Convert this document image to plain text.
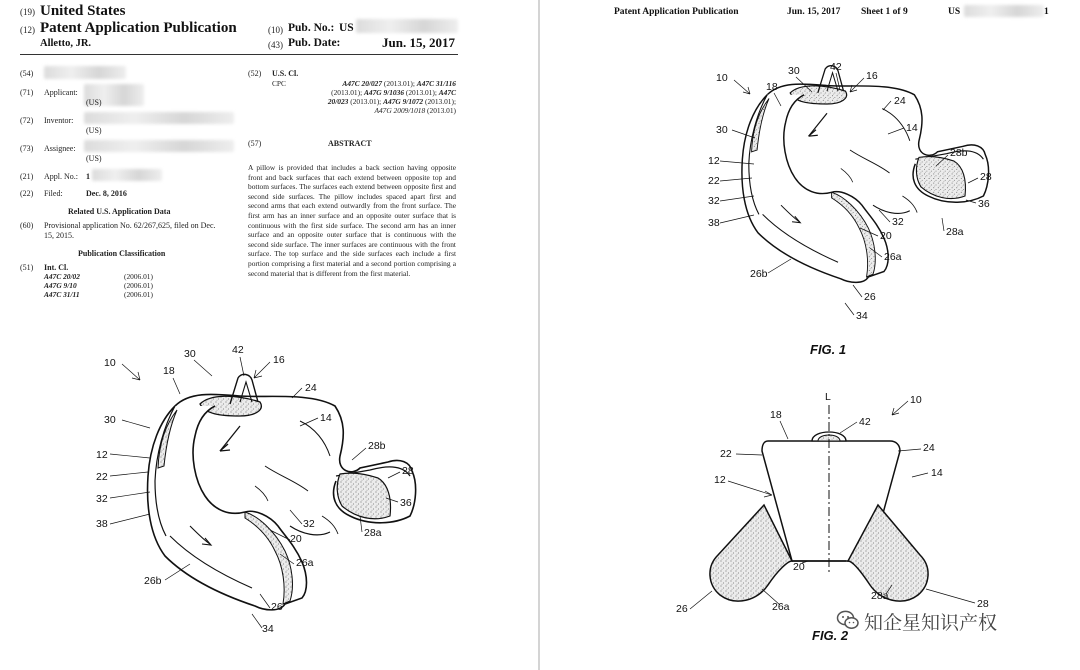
(19) United States
(12) Patent Application Publication
Alletto, JR.
(10) Pub. No.: US
(43) Pub. Date:	Jun. 15, 2017
(54)
(71) Applicant:
(US)
(72) Inventor:
(US)
(73) Assignee:
(US)
(21) Appl. No.: 1
(22) Filed:	Dec. 8, 2016
Related U.S. Application Data
(60) Provisional application No. 62/267,625, filed on Dec.
15, 2015.
Publication Classification
(51) Int. Cl.
A47C 20/02	(2006.01)
A47G 9/10	(2006.01)
A47C 31/11	(2006.01)
(52) U.S. Cl.
CPC	A47C 20/027 (2013.01); A47C 31/116
(2013.01); A47G 9/1036 (2013.01); A47C
20/023 (2013.01); A47G 9/1072 (2013.01);
A47G 2009/1018 (2013.01)
(57)	ABSTRACT
A pillow is provided that includes a back section having opposite front and back surfaces that each extend between opposite top and bottom surfaces. The surfaces each extend between opposite first and second side surfaces. The pillow includes spaced apart first and second arms that each extend outwardly from the front surface. The first arm has an inner surface and an opposite outer surface that is continuous with the first side surface. The second arm has an inner surface and an opposite outer surface that is continuous with the second side surface. The inner surfaces are continuous with the front surface. The top surface and the side surfaces each include a first portion comprising a first material and a second portion comprising a second material that is different from the first material.
10
30	42
16
18
24
14
30
12
22
32
38
28b
28
36
28a
32
20
26a
26b
26
34
Patent Application Publication	Jun. 15, 2017 Sheet 1 of 9	US	1
10
30	42
16
18
24
14
30
12
22
32
38
28b
28
36
28a
32
20
26a
26b
26
34
FIG. 1
L
42
10
18
22	24
14
12
20
26	26a
28a
28
FIG. 2
知企星知识产权
